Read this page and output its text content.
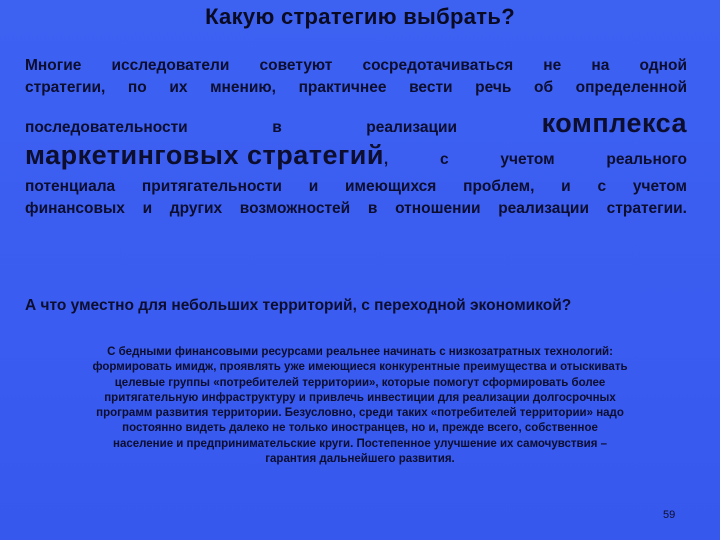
Какую стратегию выбрать?
Многие исследователи советуют сосредотачиваться не на одной
стратегии, по их мнению, практичнее вести речь об определенной
последовательности	в	реализации	комплекса
маркетинговых стратегий ,	с	учетом	реального
потенциала притягательности и имеющихся проблем, и с учетом
финансовых и других возможностей в отношении реализации стратегии.
А что уместно для небольших территорий, с переходной экономикой?
С бедными финансовыми ресурсами реальнее начинать с низкозатратных технологий:
формировать имидж, проявлять уже имеющиеся конкурентные преимущества и отыскивать
целевые группы «потребителей территории», которые помогут сформировать более
притягательную инфраструктуру и привлечь инвестиции для реализации долгосрочных
программ развития территории. Безусловно, среди таких «потребителей территории» надо
постоянно видеть далеко не только иностранцев, но и, прежде всего, собственное
население и предпринимательские круги. Постепенное улучшение их самочувствия –
гарантия дальнейшего развития.
59
